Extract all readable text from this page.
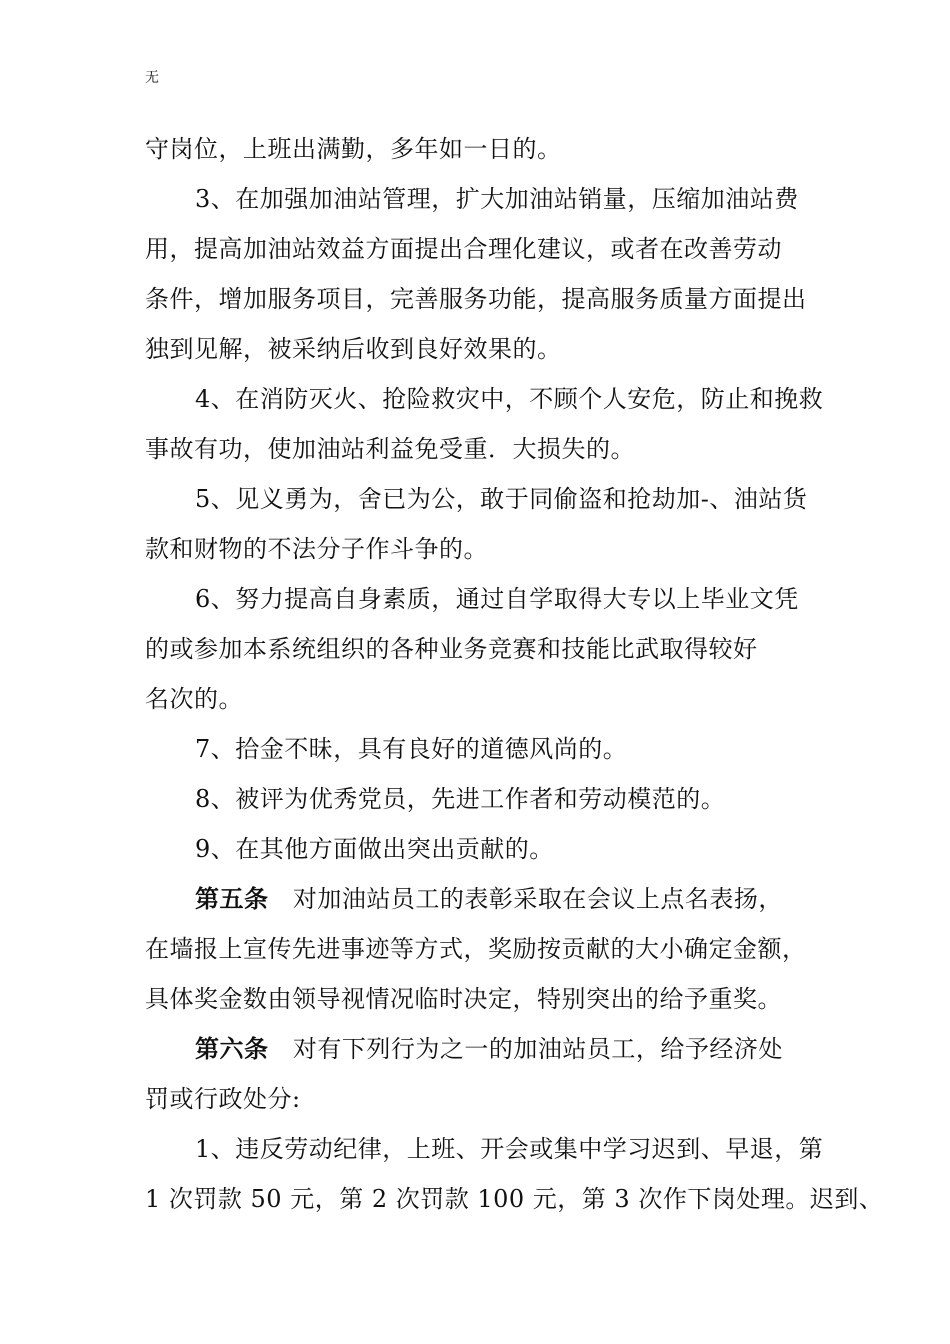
无
守岗位，上班出满勤，多年如一日的。
3、在加强加油站管理，扩大加油站销量，压缩加油站费
用，提高加油站效益方面提出合理化建议，或者在改善劳动
条件，增加服务项目，完善服务功能，提高服务质量方面提出
独到见解，被采纳后收到良好效果的。
4、在消防灭火、抢险救灾中，不顾个人安危，防止和挽救
事故有功，使加油站利益免受重．大损失的。
5、见义勇为，舍已为公，敢于同偷盗和抢劫加-、油站货
款和财物的不法分子作斗争的。
6、努力提高自身素质，通过自学取得大专以上毕业文凭
的或参加本系统组织的各种业务竞赛和技能比武取得较好
名次的。
7、拾金不昧，具有良好的道德风尚的。
8、被评为优秀党员，先进工作者和劳动模范的。
9、在其他方面做出突出贡献的。
第五条 对加油站员工的表彰采取在会议上点名表扬，
在墙报上宣传先进事迹等方式，奖励按贡献的大小确定金额，
具体奖金数由领导视情况临时决定，特别突出的给予重奖。
第六条 对有下列行为之一的加油站员工，给予经济处
罚或行政处分:
1、违反劳动纪律，上班、开会或集中学习迟到、早退，第
1 次罚款 50 元，第 2 次罚款 100 元，第 3 次作下岗处理。迟到、
